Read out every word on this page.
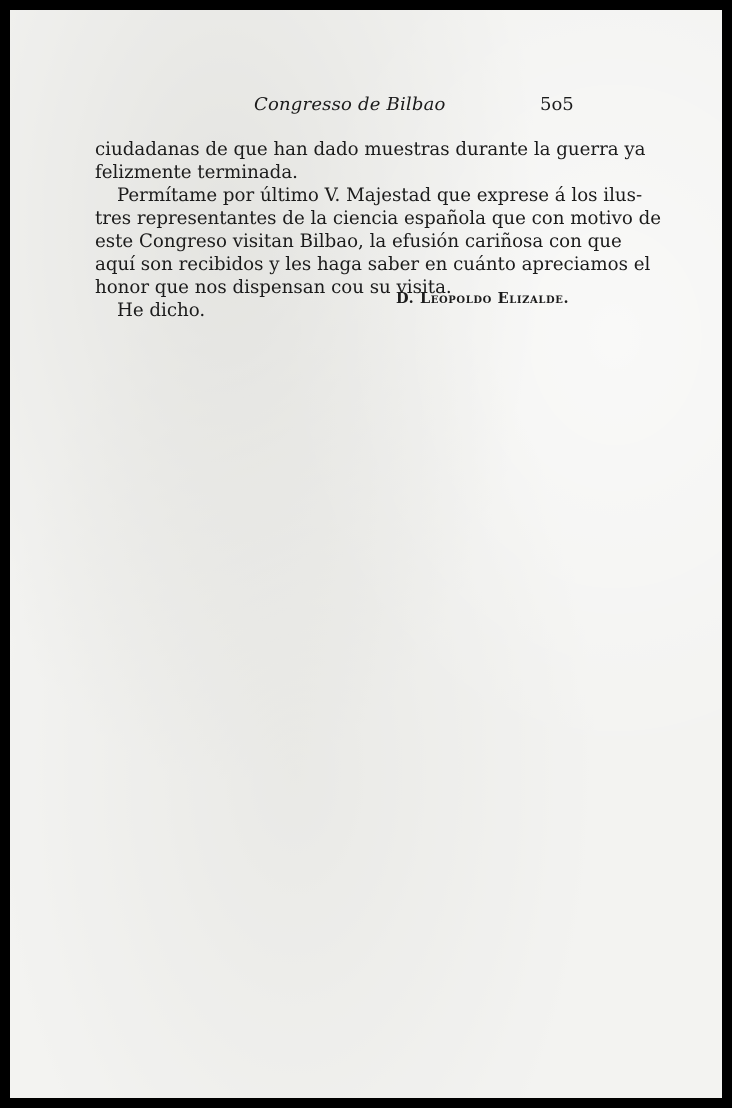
Congresso de Bilbao	5o5
ciudadanas de que han dado muestras durante la guerra ya
felizmente terminada.
Permítame por último V. Majestad que exprese á los ilus-
tres representantes de la ciencia española que con motivo de
este Congreso visitan Bilbao, la efusión cariñosa con que
aquí son recibidos y les haga saber en cuánto apreciamos el
honor que nos dispensan cou su visita.
He dicho.
D. Leopoldo Elizalde.
